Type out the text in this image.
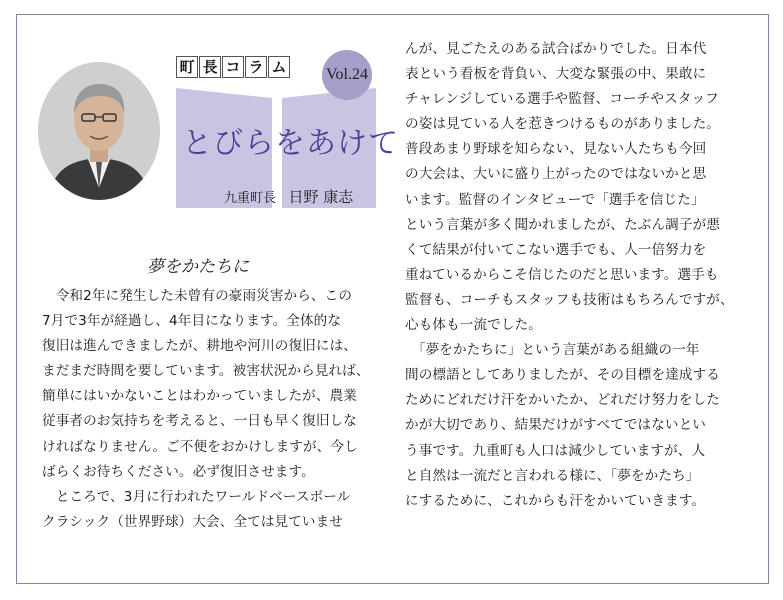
町 長 コ ラ ム Vol.24
とびらをあけて
九重町長 日野 康志
夢をかたちに

　令和2年に発生した未曾有の豪雨災害から、この

7月で3年が経過し、4年目になります。全体的な

復旧は進んできましたが、耕地や河川の復旧には、

まだまだ時間を要しています。被害状況から見れば、

簡単にはいかないことはわかっていましたが、農業

従事者のお気持ちを考えると、一日も早く復旧しな

ければなりません。ご不便をおかけしますが、今し

ばらくお待ちください。必ず復旧させます。

　ところで、3月に行われたワールドベースボール

クラシック（世界野球）大会、全ては見ていませ

んが、見ごたえのある試合ばかりでした。日本代

表という看板を背負い、大変な緊張の中、果敢に

チャレンジしている選手や監督、コーチやスタッフ

の姿は見ている人を惹きつけるものがありました。

普段あまり野球を知らない、見ない人たちも今回

の大会は、大いに盛り上がったのではないかと思

います。監督のインタビューで「選手を信じた」

という言葉が多く聞かれましたが、たぶん調子が悪

くて結果が付いてこない選手でも、人一倍努力を

重ねているからこそ信じたのだと思います。選手も

監督も、コーチもスタッフも技術はもちろんですが、

心も体も一流でした。

　「夢をかたちに」という言葉がある組織の一年

間の標語としてありましたが、その目標を達成する

ためにどれだけ汗をかいたか、どれだけ努力をした

かが大切であり、結果だけがすべてではないとい

う事です。九重町も人口は減少していますが、人

と自然は一流だと言われる様に、「夢をかたち」

にするために、これからも汗をかいていきます。
